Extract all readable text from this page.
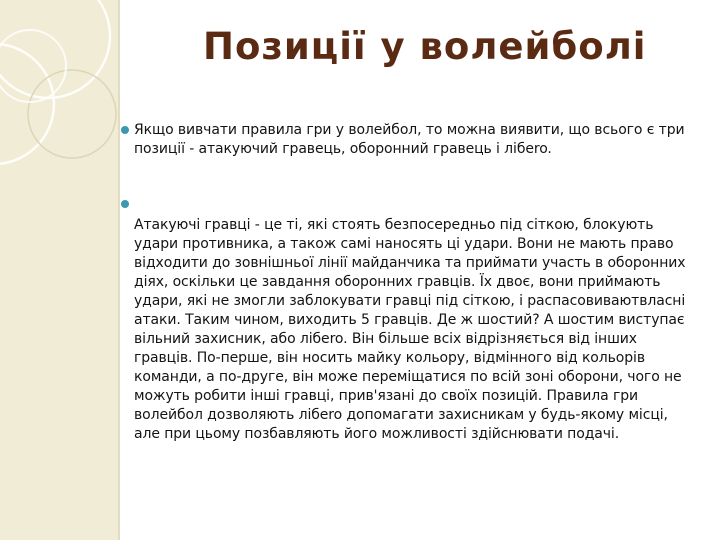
Позиції у волейболі

Якщо вивчати правила гри у волейбол, то можна виявити, що всього є три позиції - атакуючий гравець, оборонний гравець і лібero.

Атакуючі гравці - це ті, які стоять безпосередньо під сіткою, блокують удари противника, а також самі наносять ці удари. Вони не мають право відходити до зовнішньої лінії майданчика та приймати участь в оборонних діях, оскільки це завдання оборонних гравців. Їх двоє, вони приймають удари, які не змогли заблокувати гравці під сіткою, і распасовиваютвласні атаки. Таким чином, виходить 5 гравців. Де ж шостий? А шостим виступає вільний захисник, або лібero. Він більше всіх відрізняється від інших гравців. По-перше, він носить майку кольору, відмінного від кольорів команди, а по-друге, він може переміщатися по всій зоні оборони, чого не можуть робити інші гравці, прив'язані до своїх позицій. Правила гри волейбол дозволяють лібero допомагати захисникам у будь-якому місці, але при цьому позбавляють його можливості здійснювати подачі.
